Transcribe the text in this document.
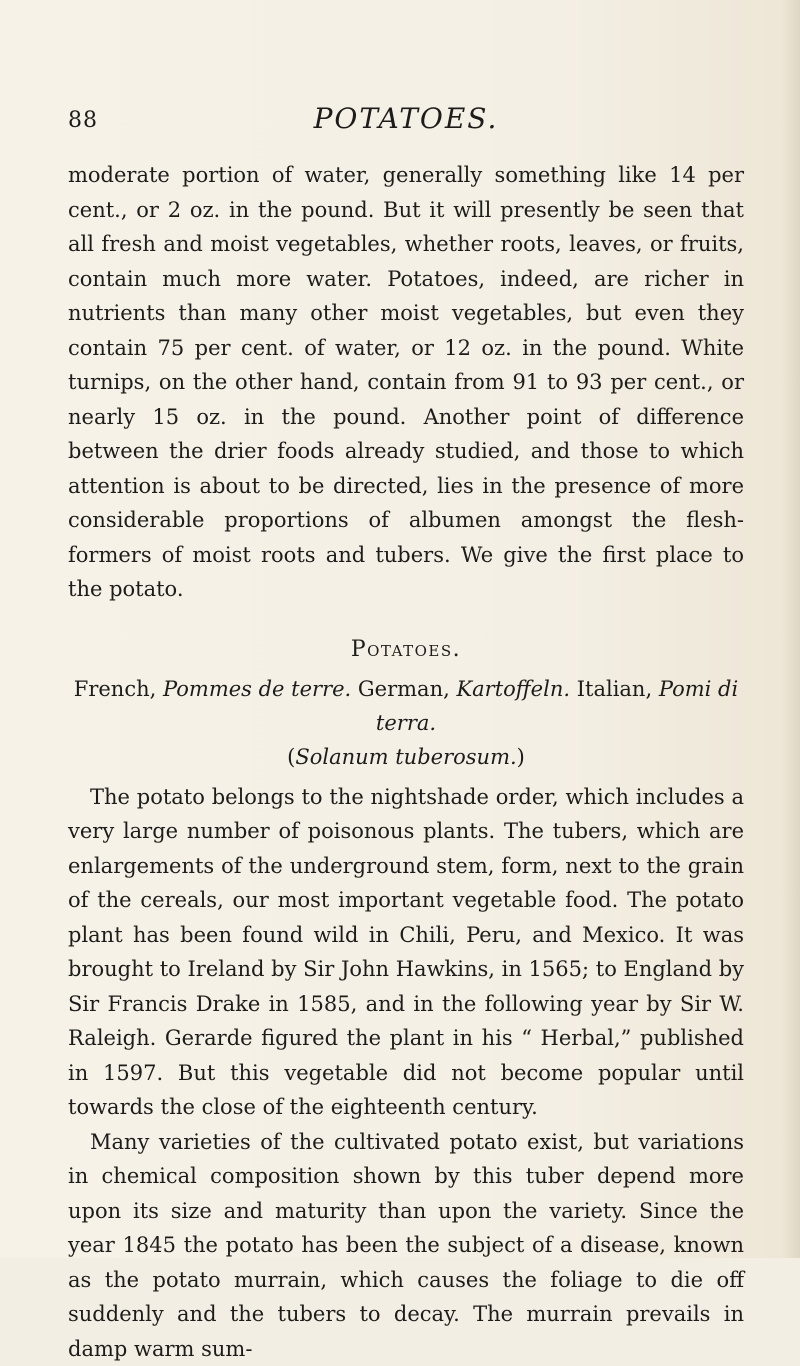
88	POTATOES.

moderate portion of water, generally something like 14 per cent., or 2 oz. in the pound. But it will presently be seen that all fresh and moist vegetables, whether roots, leaves, or fruits, contain much more water. Potatoes, indeed, are richer in nutrients than many other moist vegetables, but even they contain 75 per cent. of water, or 12 oz. in the pound. White turnips, on the other hand, contain from 91 to 93 per cent., or nearly 15 oz. in the pound. Another point of difference between the drier foods already studied, and those to which attention is about to be directed, lies in the presence of more considerable proportions of albumen amongst the flesh-formers of moist roots and tubers. We give the first place to the potato.

Potatoes.
French, Pommes de terre. German, Kartoffeln. Italian, Pomi di terra.
(Solanum tuberosum.)

The potato belongs to the nightshade order, which includes a very large number of poisonous plants. The tubers, which are enlargements of the underground stem, form, next to the grain of the cereals, our most important vegetable food. The potato plant has been found wild in Chili, Peru, and Mexico. It was brought to Ireland by Sir John Hawkins, in 1565; to England by Sir Francis Drake in 1585, and in the following year by Sir W. Raleigh. Gerarde figured the plant in his “ Herbal,” published in 1597. But this vegetable did not become popular until towards the close of the eighteenth century.

Many varieties of the cultivated potato exist, but variations in chemical composition shown by this tuber depend more upon its size and maturity than upon the variety. Since the year 1845 the potato has been the subject of a disease, known as the potato murrain, which causes the foliage to die off suddenly and the tubers to decay. The murrain prevails in damp warm sum-
